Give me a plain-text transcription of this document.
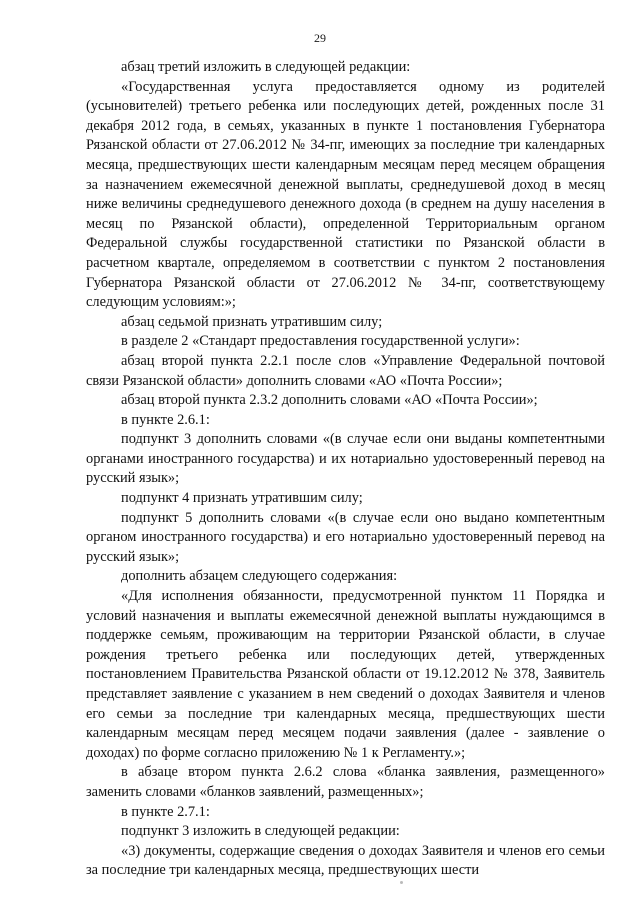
29

абзац третий изложить в следующей редакции:

«Государственная услуга предоставляется одному из родителей (усыновителей) третьего ребенка или последующих детей, рожденных после 31 декабря 2012 года, в семьях, указанных в пункте 1 постановления Губернатора Рязанской области от 27.06.2012 № 34-пг, имеющих за последние три календарных месяца, предшествующих шести календарным месяцам перед месяцем обращения за назначением ежемесячной денежной выплаты, среднедушевой доход в месяц ниже величины среднедушевого денежного дохода (в среднем на душу населения в месяц по Рязанской области), определенной Территориальным органом Федеральной службы государственной статистики по Рязанской области в расчетном квартале, определяемом в соответствии с пунктом 2 постановления Губернатора Рязанской области от 27.06.2012 № 34-пг, соответствующему следующим условиям:»;

абзац седьмой признать утратившим силу;

в разделе 2 «Стандарт предоставления государственной услуги»:

абзац второй пункта 2.2.1 после слов «Управление Федеральной почтовой связи Рязанской области» дополнить словами «АО «Почта России»;

абзац второй пункта 2.3.2 дополнить словами «АО «Почта России»;

в пункте 2.6.1:

подпункт 3 дополнить словами «(в случае если они выданы компетентными органами иностранного государства) и их нотариально удостоверенный перевод на русский язык»;

подпункт 4 признать утратившим силу;

подпункт 5 дополнить словами «(в случае если оно выдано компетентным органом иностранного государства) и его нотариально удостоверенный перевод на русский язык»;

дополнить абзацем следующего содержания:

«Для исполнения обязанности, предусмотренной пунктом 11 Порядка и условий назначения и выплаты ежемесячной денежной выплаты нуждающимся в поддержке семьям, проживающим на территории Рязанской области, в случае рождения третьего ребенка или последующих детей, утвержденных постановлением Правительства Рязанской области от 19.12.2012 № 378, Заявитель представляет заявление с указанием в нем сведений о доходах Заявителя и членов его семьи за последние три календарных месяца, предшествующих шести календарным месяцам перед месяцем подачи заявления (далее - заявление о доходах) по форме согласно приложению № 1 к Регламенту.»;

в абзаце втором пункта 2.6.2 слова «бланка заявления, размещенного» заменить словами «бланков заявлений, размещенных»;

в пункте 2.7.1:

подпункт 3 изложить в следующей редакции:

«3) документы, содержащие сведения о доходах Заявителя и членов его семьи за последние три календарных месяца, предшествующих шести
